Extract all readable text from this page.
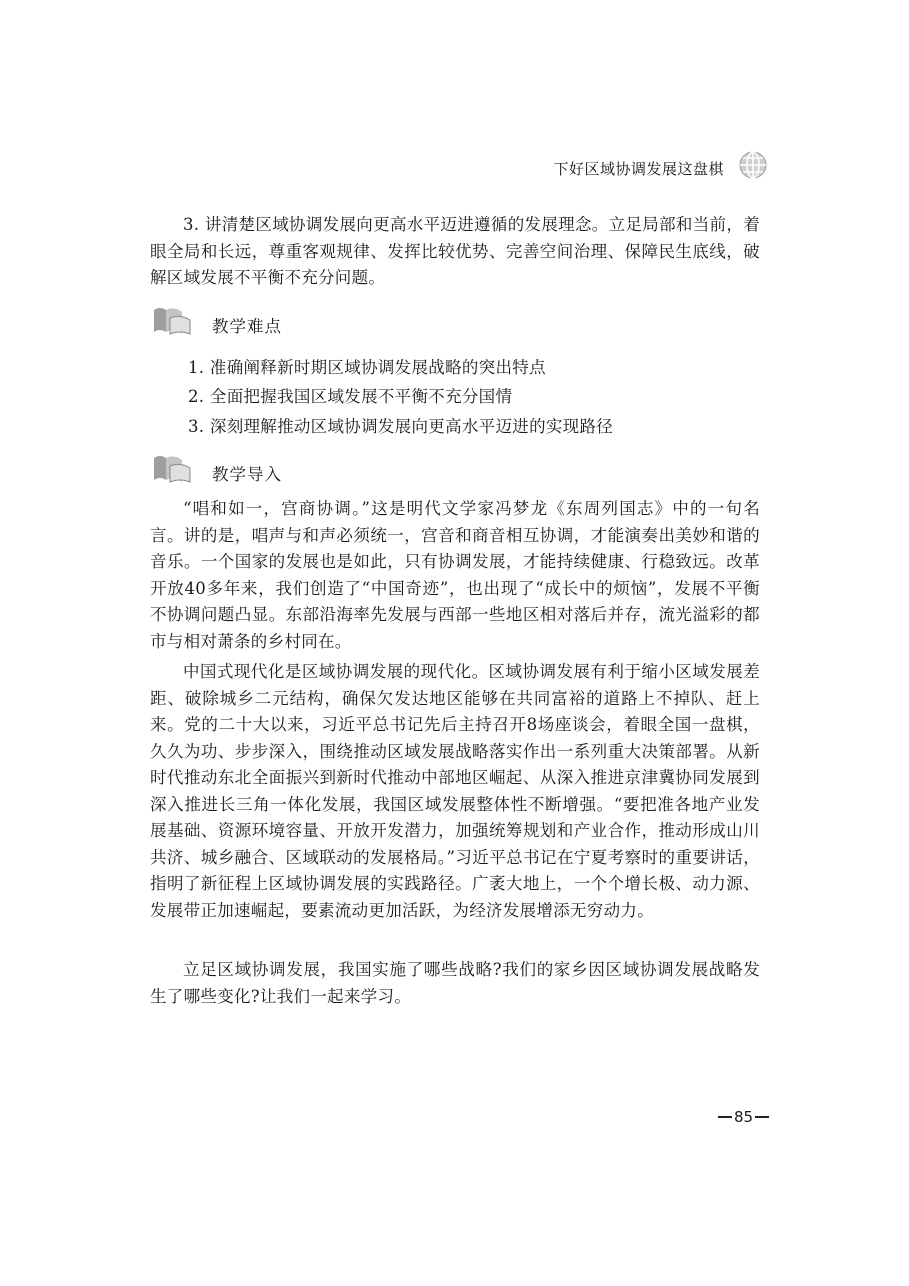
下好区域协调发展这盘棋

3. 讲清楚区域协调发展向更高水平迈进遵循的发展理念。立足局部和当前，着眼全局和长远，尊重客观规律、发挥比较优势、完善空间治理、保障民生底线，破解区域发展不平衡不充分问题。

教学难点
1. 准确阐释新时期区域协调发展战略的突出特点
2. 全面把握我国区域发展不平衡不充分国情
3. 深刻理解推动区域协调发展向更高水平迈进的实现路径
教学导入

“唱和如一，宫商协调。”这是明代文学家冯梦龙《东周列国志》中的一句名言。讲的是，唱声与和声必须统一，宫音和商音相互协调，才能演奏出美妙和谐的音乐。一个国家的发展也是如此，只有协调发展，才能持续健康、行稳致远。改革开放40多年来，我们创造了“中国奇迹”，也出现了“成长中的烦恼”，发展不平衡不协调问题凸显。东部沿海率先发展与西部一些地区相对落后并存，流光溢彩的都市与相对萧条的乡村同在。

中国式现代化是区域协调发展的现代化。区域协调发展有利于缩小区域发展差距、破除城乡二元结构，确保欠发达地区能够在共同富裕的道路上不掉队、赶上来。党的二十大以来，习近平总书记先后主持召开8场座谈会，着眼全国一盘棋，久久为功、步步深入，围绕推动区域发展战略落实作出一系列重大决策部署。从新时代推动东北全面振兴到新时代推动中部地区崛起、从深入推进京津冀协同发展到深入推进长三角一体化发展，我国区域发展整体性不断增强。“要把准各地产业发展基础、资源环境容量、开放开发潜力，加强统筹规划和产业合作，推动形成山川共济、城乡融合、区域联动的发展格局。”习近平总书记在宁夏考察时的重要讲话，指明了新征程上区域协调发展的实践路径。广袤大地上，一个个增长极、动力源、发展带正加速崛起，要素流动更加活跃，为经济发展增添无穷动力。

立足区域协调发展，我国实施了哪些战略?我们的家乡因区域协调发展战略发生了哪些变化?让我们一起来学习。

85
